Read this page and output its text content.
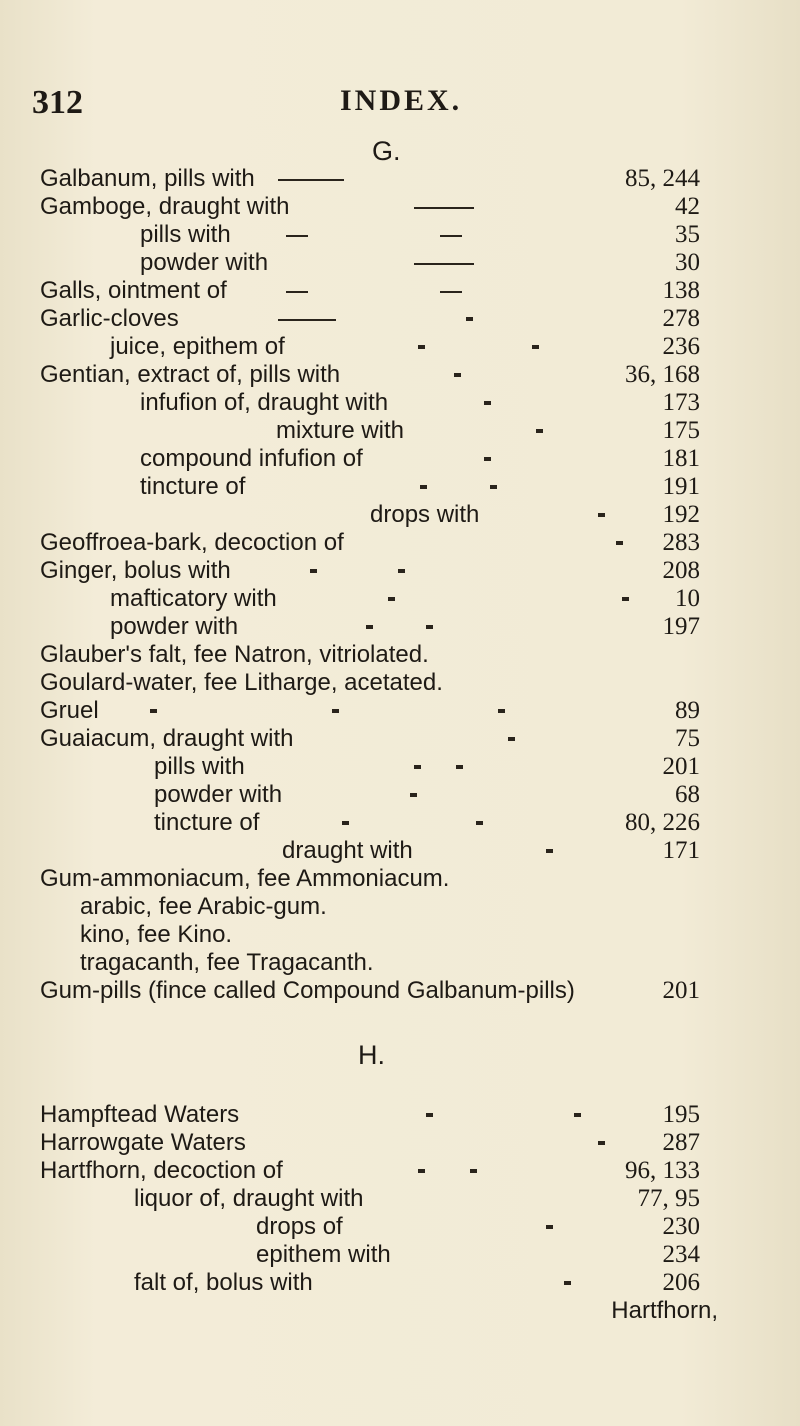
312	INDEX.
G.
Galbanum, pills with	85, 244
Gamboge, draught with	42
pills with	35
powder with	30
Galls, ointment of	138
Garlic-cloves	278
juice, epithem of	236
Gentian, extract of, pills with	36, 168
infufion of, draught with	173
mixture with	175
compound infufion of	181
tincture of	191
drops with	192
Geoffroea-bark, decoction of	283
Ginger, bolus with	208
mafticatory with	10
powder with	197
Glauber's falt, fee Natron, vitriolated.
Goulard-water, fee Litharge, acetated.
Gruel	89
Guaiacum, draught with	75
pills with	201
powder with	68
tincture of	80, 226
draught with	171
Gum-ammoniacum, fee Ammoniacum.
arabic, fee Arabic-gum.
kino, fee Kino.
tragacanth, fee Tragacanth.
Gum-pills (fince called Compound Galbanum-pills)	201
H.
Hampftead Waters	195
Harrowgate Waters	287
Hartfhorn, decoction of	96, 133
liquor of, draught with	77, 95
drops of	230
epithem with	234
falt of, bolus with	206
Hartfhorn,
